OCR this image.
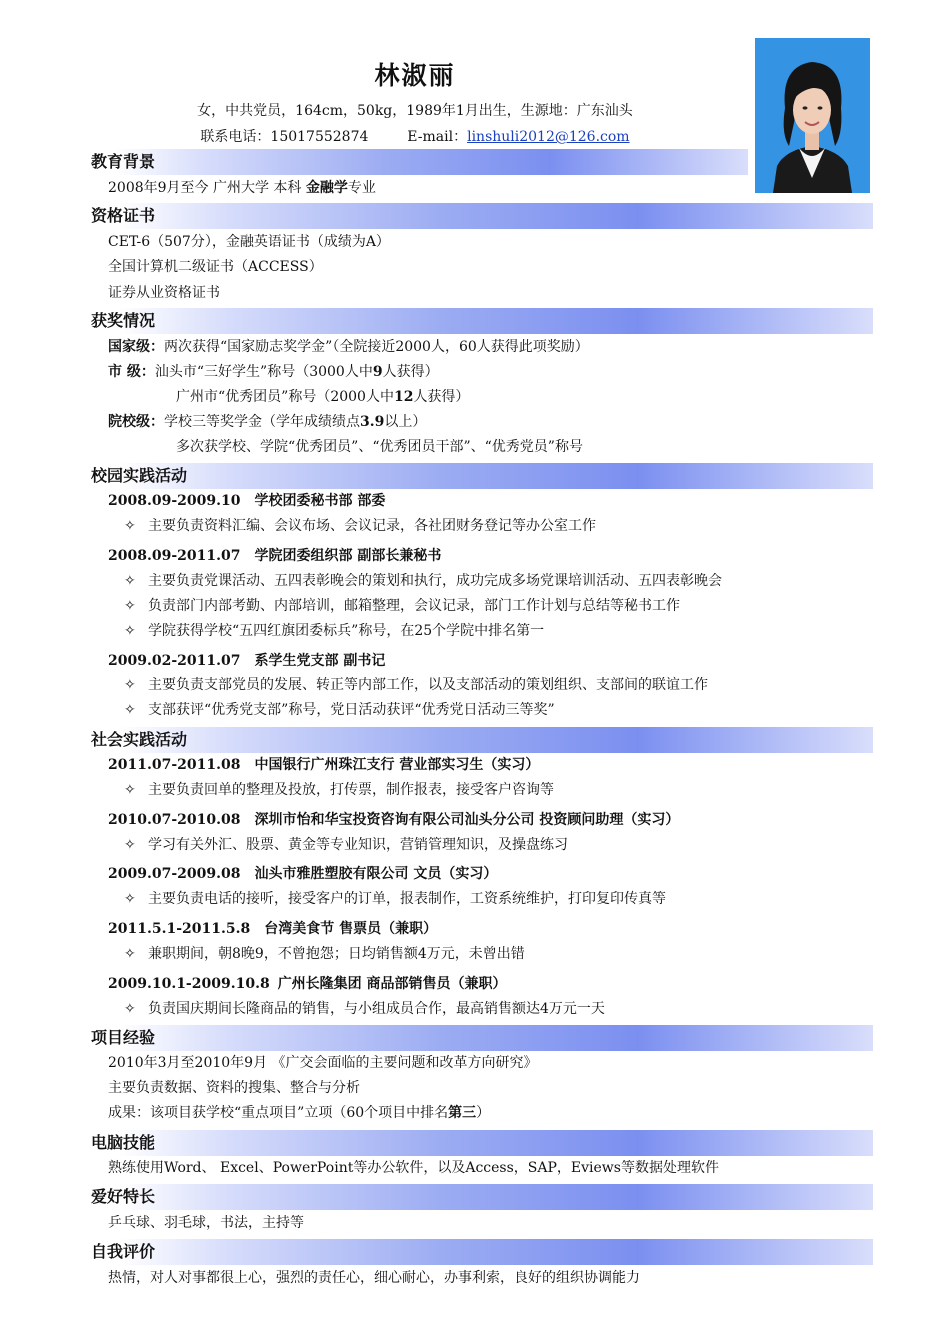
林淑丽
女，中共党员，164cm，50kg，1989年1月出生，生源地：广东汕头
联系电话：15017552874	E-mail：linshuli2012@126.com
教育背景
2008年9月至今 广州大学 本科 金融学专业
资格证书
CET-6（507分），金融英语证书（成绩为A）
全国计算机二级证书（ACCESS）
证券从业资格证书
获奖情况
国家级：两次获得“国家励志奖学金”（全院接近2000人，60人获得此项奖励）
市 级：汕头市“三好学生”称号（3000人中9人获得）
广州市“优秀团员”称号（2000人中12人获得）
院校级：学校三等奖学金（学年成绩绩点3.9以上）
多次获学校、学院“优秀团员”、“优秀团员干部”、“优秀党员”称号
校园实践活动
2008.09-2009.10 学校团委秘书部 部委
✧ 主要负责资料汇编、会议布场、会议记录，各社团财务登记等办公室工作
2008.09-2011.07 学院团委组织部 副部长兼秘书
✧ 主要负责党课活动、五四表彰晚会的策划和执行，成功完成多场党课培训活动、五四表彰晚会
✧ 负责部门内部考勤、内部培训，邮箱整理，会议记录，部门工作计划与总结等秘书工作
✧ 学院获得学校“五四红旗团委标兵”称号，在25个学院中排名第一
2009.02-2011.07 系学生党支部 副书记
✧ 主要负责支部党员的发展、转正等内部工作，以及支部活动的策划组织、支部间的联谊工作
✧ 支部获评“优秀党支部”称号，党日活动获评“优秀党日活动三等奖”
社会实践活动
2011.07-2011.08 中国银行广州珠江支行 营业部实习生（实习）
✧ 主要负责回单的整理及投放，打传票，制作报表，接受客户咨询等
2010.07-2010.08 深圳市怡和华宝投资咨询有限公司汕头分公司 投资顾问助理（实习）
✧ 学习有关外汇、股票、黄金等专业知识，营销管理知识，及操盘练习
2009.07-2009.08 汕头市雅胜塑胶有限公司 文员（实习）
✧ 主要负责电话的接听，接受客户的订单，报表制作，工资系统维护，打印复印传真等
2011.5.1-2011.5.8 台湾美食节 售票员（兼职）
✧ 兼职期间，朝8晚9，不曾抱怨；日均销售额4万元，未曾出错
2009.10.1-2009.10.8 广州长隆集团 商品部销售员（兼职）
✧ 负责国庆期间长隆商品的销售，与小组成员合作，最高销售额达4万元一天
项目经验
2010年3月至2010年9月 《广交会面临的主要问题和改革方向研究》
主要负责数据、资料的搜集、整合与分析
成果：该项目获学校“重点项目”立项（60个项目中排名第三）
电脑技能
熟练使用Word、 Excel、PowerPoint等办公软件，以及Access，SAP，Eviews等数据处理软件
爱好特长
乒乓球、羽毛球，书法，主持等
自我评价
热情，对人对事都很上心，强烈的责任心，细心耐心，办事利索，良好的组织协调能力
